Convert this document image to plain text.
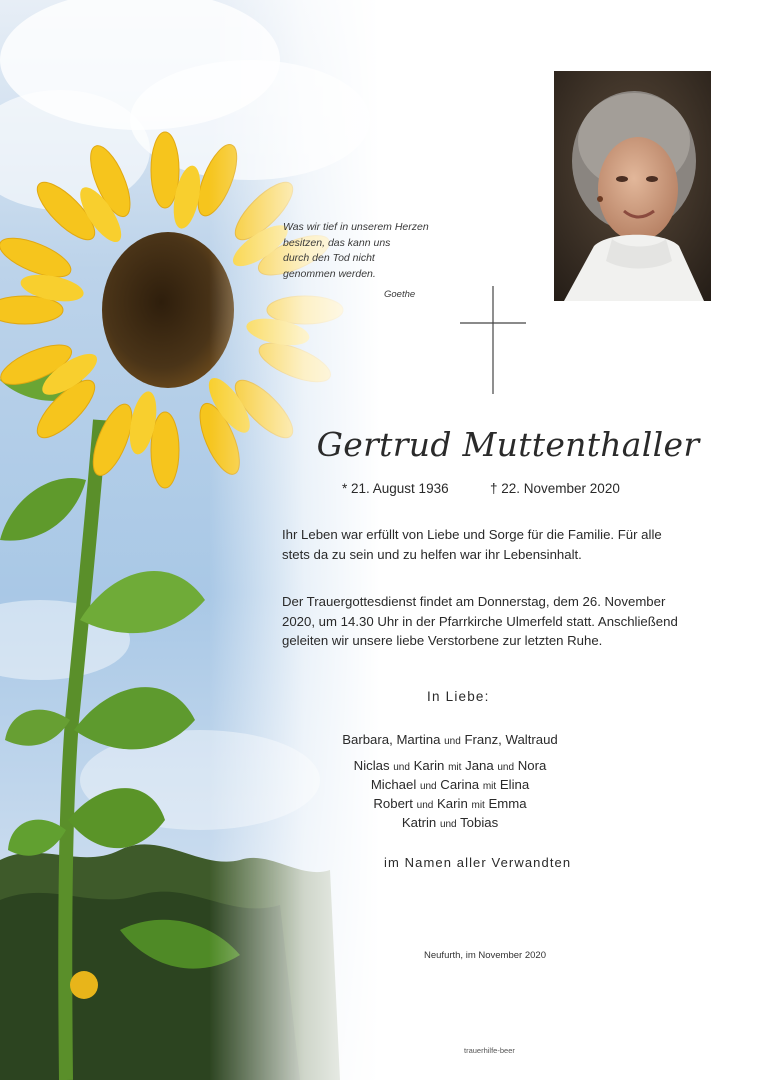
Was wir tief in unserem Herzen
besitzen, das kann uns
durch den Tod nicht
genommen werden.
Goethe
Gertrud Muttenthaller
* 21. August 1936	† 22. November 2020
Ihr Leben war erfüllt von Liebe und Sorge für die Familie. Für alle
stets da zu sein und zu helfen war ihr Lebensinhalt.
Der Trauergottesdienst findet am Donnerstag, dem 26. November
2020, um 14.30 Uhr in der Pfarrkirche Ulmerfeld statt. Anschließend
geleiten wir unsere liebe Verstorbene zur letzten Ruhe.
In Liebe:
Barbara, Martina und Franz, Waltraud
Niclas und Karin mit Jana und Nora
Michael und Carina mit Elina
Robert und Karin mit Emma
Katrin und Tobias
im Namen aller Verwandten
Neufurth, im November 2020
trauerhilfe-beer
